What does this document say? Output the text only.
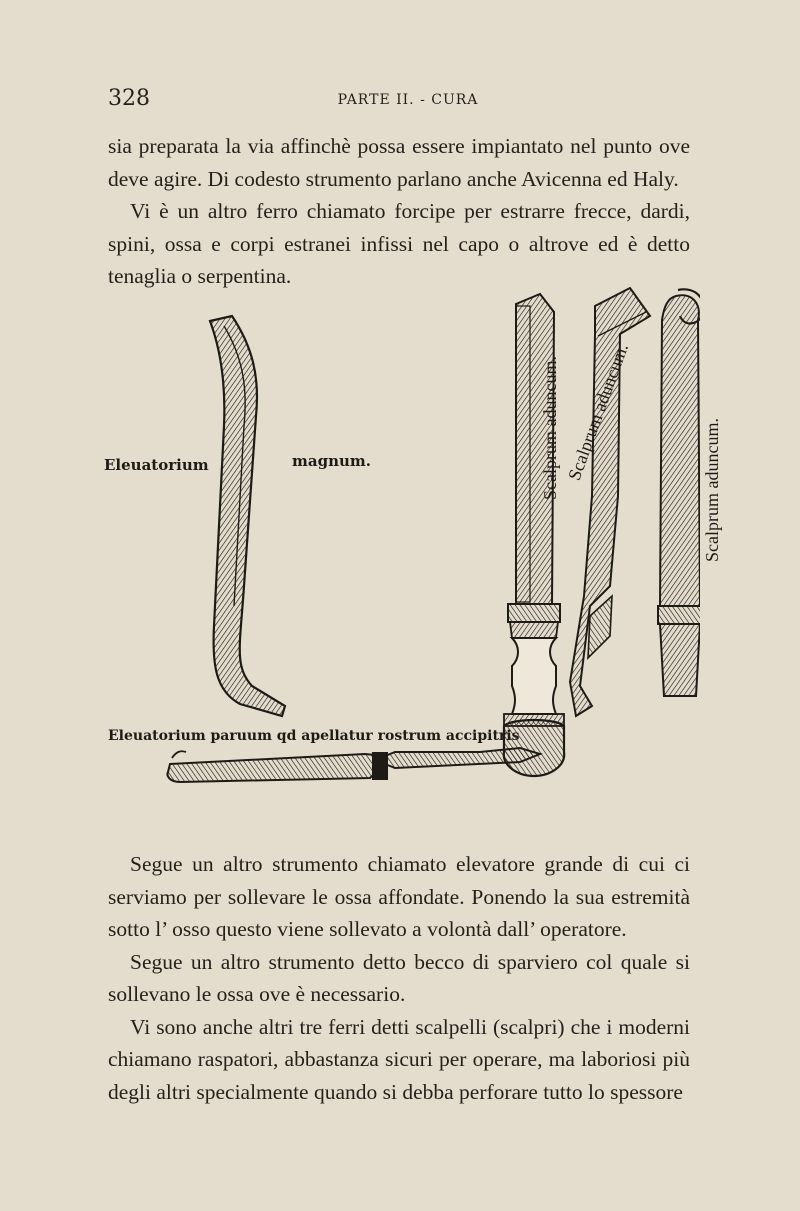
328	PARTE II. - CURA

sia preparata la via affinchè possa essere impiantato nel punto ove deve agire. Di codesto strumento parlano anche Avicenna ed Haly.

Vi è un altro ferro chiamato forcipe per estrarre frecce, dardi, spini, ossa e corpi estranei infissi nel capo o altrove ed è detto tenaglia o serpentina.

Eleuatorium	magnum.
Eleuatorium paruum qd apellatur rostrum accipitris
Scalprum aduncum. Scalprum aduncum.
Scalprum aduncum.

Segue un altro strumento chiamato elevatore grande di cui ci serviamo per sollevare le ossa affondate. Ponendo la sua estremità sotto l’ osso questo viene sollevato a volontà dall’ operatore.

Segue un altro strumento detto becco di sparviero col quale si sollevano le ossa ove è necessario.

Vi sono anche altri tre ferri detti scalpelli (scalpri) che i moderni chiamano raspatori, abbastanza sicuri per operare, ma laboriosi più degli altri specialmente quando si debba perforare tutto lo spessore
